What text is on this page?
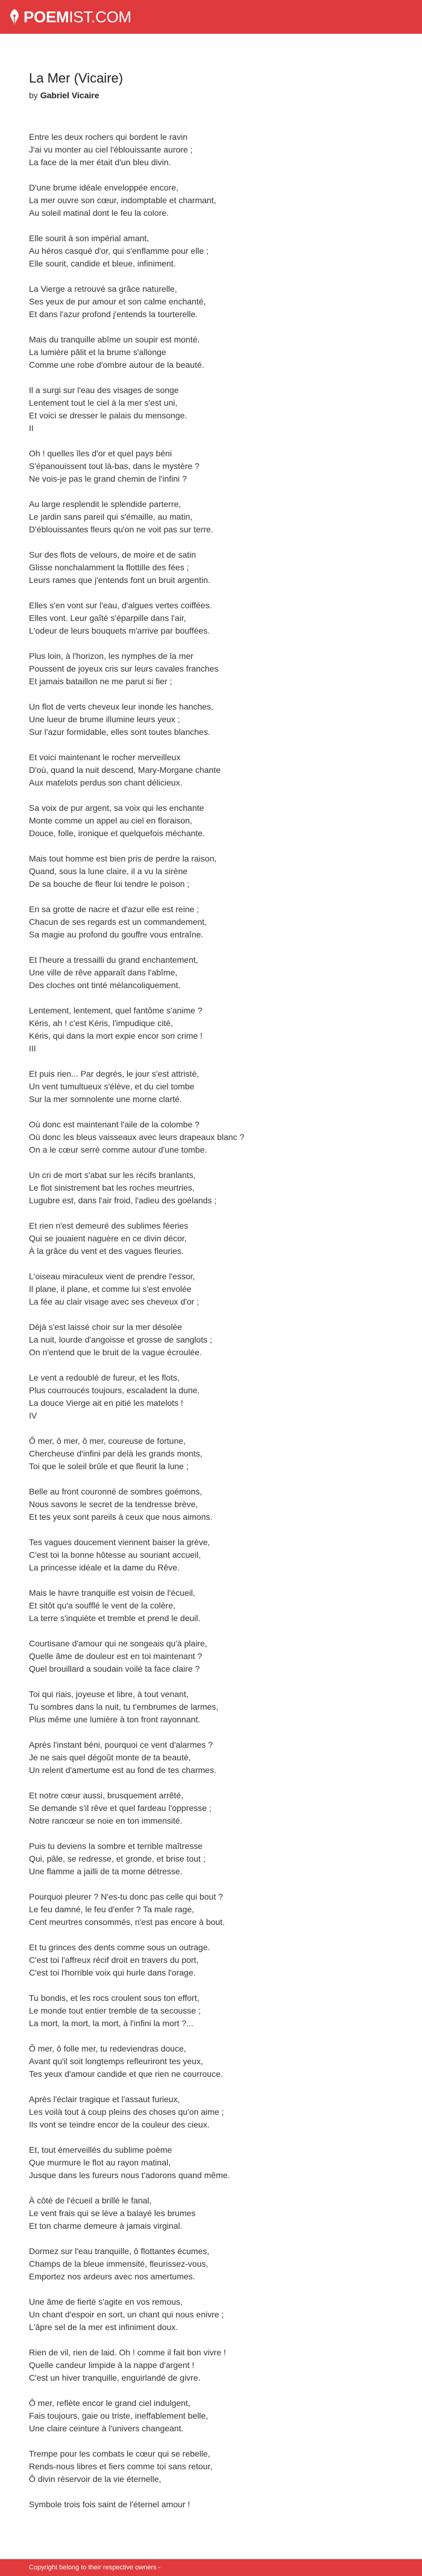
POEMIST.COM
La Mer (Vicaire)
by Gabriel Vicaire
Entre les deux rochers qui bordent le ravin
J'ai vu monter au ciel l'éblouissante aurore ;
La face de la mer était d'un bleu divin.
D'une brume idéale enveloppée encore,
La mer ouvre son cœur, indomptable et charmant,
Au soleil matinal dont le feu la colore.
Elle sourit à son impérial amant,
Au héros casqué d'or, qui s'enflamme pour elle ;
Elle sourit, candide et bleue, infiniment.
La Vierge a retrouvé sa grâce naturelle,
Ses yeux de pur amour et son calme enchanté,
Et dans l'azur profond j'entends la tourterelle.
Mais du tranquille abîme un soupir est monté.
La lumière pâlit et la brume s'allonge
Comme une robe d'ombre autour de la beauté.
Il a surgi sur l'eau des visages de songe
Lentement tout le ciel à la mer s'est uni,
Et voici se dresser le palais du mensonge.
II
Oh ! quelles îles d'or et quel pays béni
S'épanouissent tout là-bas, dans le mystère ?
Ne vois-je pas le grand chemin de l'infini ?
Au large resplendit le splendide parterre,
Le jardin sans pareil qui s'émaille, au matin,
D'éblouissantes fleurs qu'on ne voit pas sur terre.
Sur des flots de velours, de moire et de satin
Glisse nonchalamment la flottille des fées ;
Leurs rames que j'entends font un bruit argentin.
Elles s'en vont sur l'eau, d'algues vertes coiffées.
Elles vont. Leur gaîté s'éparpille dans l'air,
L'odeur de leurs bouquets m'arrive par bouffées.
Plus loin, à l'horizon, les nymphes de la mer
Poussent de joyeux cris sur leurs cavales franches
Et jamais bataillon ne me parut si fier ;
Un flot de verts cheveux leur inonde les hanches,
Une lueur de brume illumine leurs yeux ;
Sur l'azur formidable, elles sont toutes blanches.
Et voici maintenant le rocher merveilleux
D'où, quand la nuit descend, Mary-Morgane chante
Aux matelots perdus son chant délicieux.
Sa voix de pur argent, sa voix qui les enchante
Monte comme un appel au ciel en floraison,
Douce, folle, ironique et quelquefois méchante.
Mais tout homme est bien pris de perdre la raison,
Quand, sous la lune claire, il a vu la sirène
De sa bouche de fleur lui tendre le poison ;
En sa grotte de nacre et d'azur elle est reine ;
Chacun de ses regards est un commandement,
Sa magie au profond du gouffre vous entraîne.
Et l'heure a tressailli du grand enchantement,
Une ville de rêve apparaît dans l'abîme,
Des cloches ont tinté mélancoliquement.
Lentement, lentement, quel fantôme s'anime ?
Kéris, ah ! c'est Kéris, l'impudique cité,
Kéris, qui dans la mort expie encor son crime !
III
Et puis rien... Par degrés, le jour s'est attristé,
Un vent tumultueux s'élève, et du ciel tombe
Sur la mer somnolente une morne clarté.
Où donc est maintenant l'aile de la colombe ?
Où donc les bleus vaisseaux avec leurs drapeaux blanc ?
On a le cœur serré comme autour d'une tombe.
Un cri de mort s'abat sur les récifs branlants,
Le flot sinistrement bat les roches meurtries,
Lugubre est, dans l'air froid, l'adieu des goélands ;
Et rien n'est demeuré des sublimes féeries
Qui se jouaient naguère en ce divin décor,
À la grâce du vent et des vagues fleuries.
L'oiseau miraculeux vient de prendre l'essor,
Il plane, il plane, et comme lui s'est envolée
La fée au clair visage avec ses cheveux d'or ;
Déjà s'est laissé choir sur la mer désolée
La nuit, lourde d'angoisse et grosse de sanglots ;
On n'entend que le bruit de la vague écroulée.
Le vent a redoublé de fureur, et les flots,
Plus courroucés toujours, escaladent la dune.
La douce Vierge ait en pitié les matelots !
IV
Ô mer, ô mer, ô mer, coureuse de fortune,
Chercheuse d'infini par delà les grands monts,
Toi que le soleil brûle et que fleurit la lune ;
Belle au front couronné de sombres goémons,
Nous savons le secret de la tendresse brève,
Et tes yeux sont pareils à ceux que nous aimons.
Tes vagues doucement viennent baiser la grève,
C'est toi la bonne hôtesse au souriant accueil,
La princesse idéale et la dame du Rêve.
Mais le havre tranquille est voisin de l'écueil,
Et sitôt qu'a soufflé le vent de la colère,
La terre s'inquiète et tremble et prend le deuil.
Courtisane d'amour qui ne songeais qu'à plaire,
Quelle âme de douleur est en toi maintenant ?
Quel brouillard a soudain voilé ta face claire ?
Toi qui riais, joyeuse et libre, à tout venant,
Tu sombres dans la nuit, tu t'embrumes de larmes,
Plus même une lumière à ton front rayonnant.
Après l'instant béni, pourquoi ce vent d'alarmes ?
Je ne sais quel dégoût monte de ta beauté,
Un relent d'amertume est au fond de tes charmes.
Et notre cœur aussi, brusquement arrêté,
Se demande s'il rêve et quel fardeau l'oppresse ;
Notre rancœur se noie en ton immensité.
Puis tu deviens la sombre et terrible maîtresse
Qui, pâle, se redresse, et gronde, et brise tout ;
Une flamme a jailli de ta morne détresse.
Pourquoi pleurer ? N'es-tu donc pas celle qui bout ?
Le feu damné, le feu d'enfer ? Ta male rage,
Cent meurtres consommés, n'est pas encore à bout.
Et tu grinces des dents comme sous un outrage.
C'est toi l'affreux récif droit en travers du port,
C'est toi l'horrible voix qui hurle dans l'orage.
Tu bondis, et les rocs croulent sous ton effort,
Le monde tout entier tremble de ta secousse ;
La mort, la mort, la mort, à l'infini la mort ?...
Ô mer, ô folle mer, tu redeviendras douce,
Avant qu'il soit longtemps refleuriront tes yeux,
Tes yeux d'amour candide et que rien ne courrouce.
Après l'éclair tragique et l'assaut furieux,
Les voilà tout à coup pleins des choses qu'on aime ;
Ils vont se teindre encor de la couleur des cieux.
Et, tout émerveillés du sublime poème
Que murmure le flot au rayon matinal,
Jusque dans les fureurs nous t'adorons quand même.
À côté de l'écueil a brillé le fanal,
Le vent frais qui se lève a balayé les brumes
Et ton charme demeure à jamais virginal.
Dormez sur l'eau tranquille, ô flottantes écumes,
Champs de la bleue immensité, fleurissez-vous,
Emportez nos ardeurs avec nos amertumes.
Une âme de fierté s'agite en vos remous,
Un chant d'espoir en sort, un chant qui nous enivre ;
L'âpre sel de la mer est infiniment doux.
Rien de vil, rien de laid. Oh ! comme il fait bon vivre !
Quelle candeur limpide à la nappe d'argent !
C'est un hiver tranquille, enguirlandé de givre.
Ô mer, reflète encor le grand ciel indulgent,
Fais toujours, gaie ou triste, ineffablement belle,
Une claire ceinture à l'univers changeant.
Trempe pour les combats le cœur qui se rebelle,
Rends-nous libres et fiers comme toi sans retour,
Ô divin réservoir de la vie éternelle,
Symbole trois fois saint de l'éternel amour !
Copyright belong to their respective owners -
